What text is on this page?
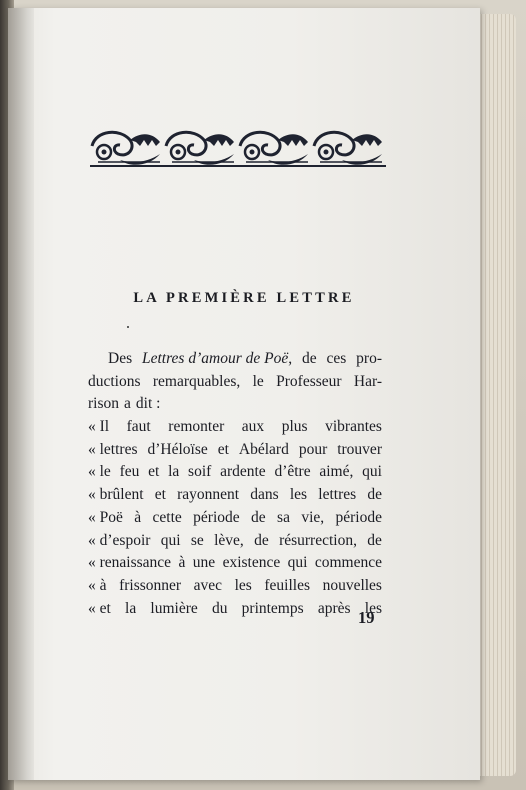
LA PREMIÈRE LETTRE
Des Lettres d’amour de Poë, de ces pro-
ductions remarquables, le Professeur Har-
rison a dit :
« Il faut remonter aux plus vibrantes
« lettres d’Héloïse et Abélard pour trouver
« le feu et la soif ardente d’être aimé, qui
« brûlent et rayonnent dans les lettres de
« Poë à cette période de sa vie, période
« d’espoir qui se lève, de résurrection, de
« renaissance à une existence qui commence
« à frissonner avec les feuilles nouvelles
« et la lumière du printemps après les
19
